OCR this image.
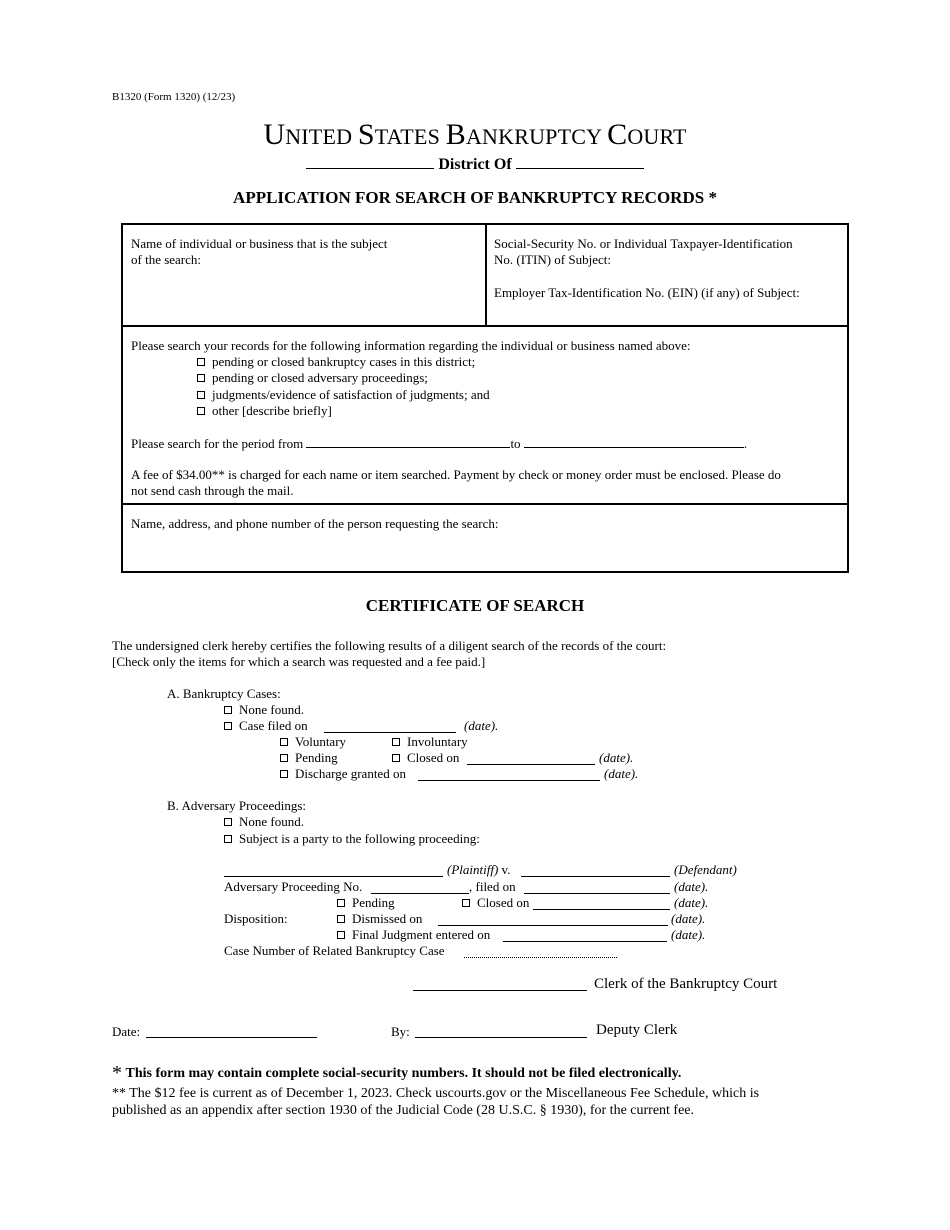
B1320 (Form 1320) (12/23)
UNITED STATES BANKRUPTCY COURT
District Of
APPLICATION FOR SEARCH OF BANKRUPTCY RECORDS *
Name of individual or business that is the subject
of the search:
Social-Security No. or Individual Taxpayer-Identification
No. (ITIN) of Subject:
Employer Tax-Identification No. (EIN) (if any) of Subject:
Please search your records for the following information regarding the individual or business named above:
pending or closed bankruptcy cases in this district;
pending or closed adversary proceedings;
judgments/evidence of satisfaction of judgments; and
other [describe briefly]
Please search for the period from	to	.
A fee of $34.00** is charged for each name or item searched. Payment by check or money order must be enclosed. Please do
not send cash through the mail.
Name, address, and phone number of the person requesting the search:
CERTIFICATE OF SEARCH
The undersigned clerk hereby certifies the following results of a diligent search of the records of the court:
[Check only the items for which a search was requested and a fee paid.]
A. Bankruptcy Cases:
None found.
Case filed on	(date).
Voluntary	Involuntary
Pending	Closed on	(date).
Discharge granted on	(date).
B. Adversary Proceedings:
None found.
Subject is a party to the following proceeding:
(Plaintiff) v.	(Defendant)
Adversary Proceeding No.	, filed on	(date).
Pending	Closed on	(date).
Disposition:	Dismissed on	(date).
Final Judgment entered on	(date).
Case Number of Related Bankruptcy Case
Clerk of the Bankruptcy Court
Date:	By:	Deputy Clerk
* This form may contain complete social-security numbers. It should not be filed electronically.
** The $12 fee is current as of December 1, 2023. Check uscourts.gov or the Miscellaneous Fee Schedule, which is
published as an appendix after section 1930 of the Judicial Code (28 U.S.C. § 1930), for the current fee.
